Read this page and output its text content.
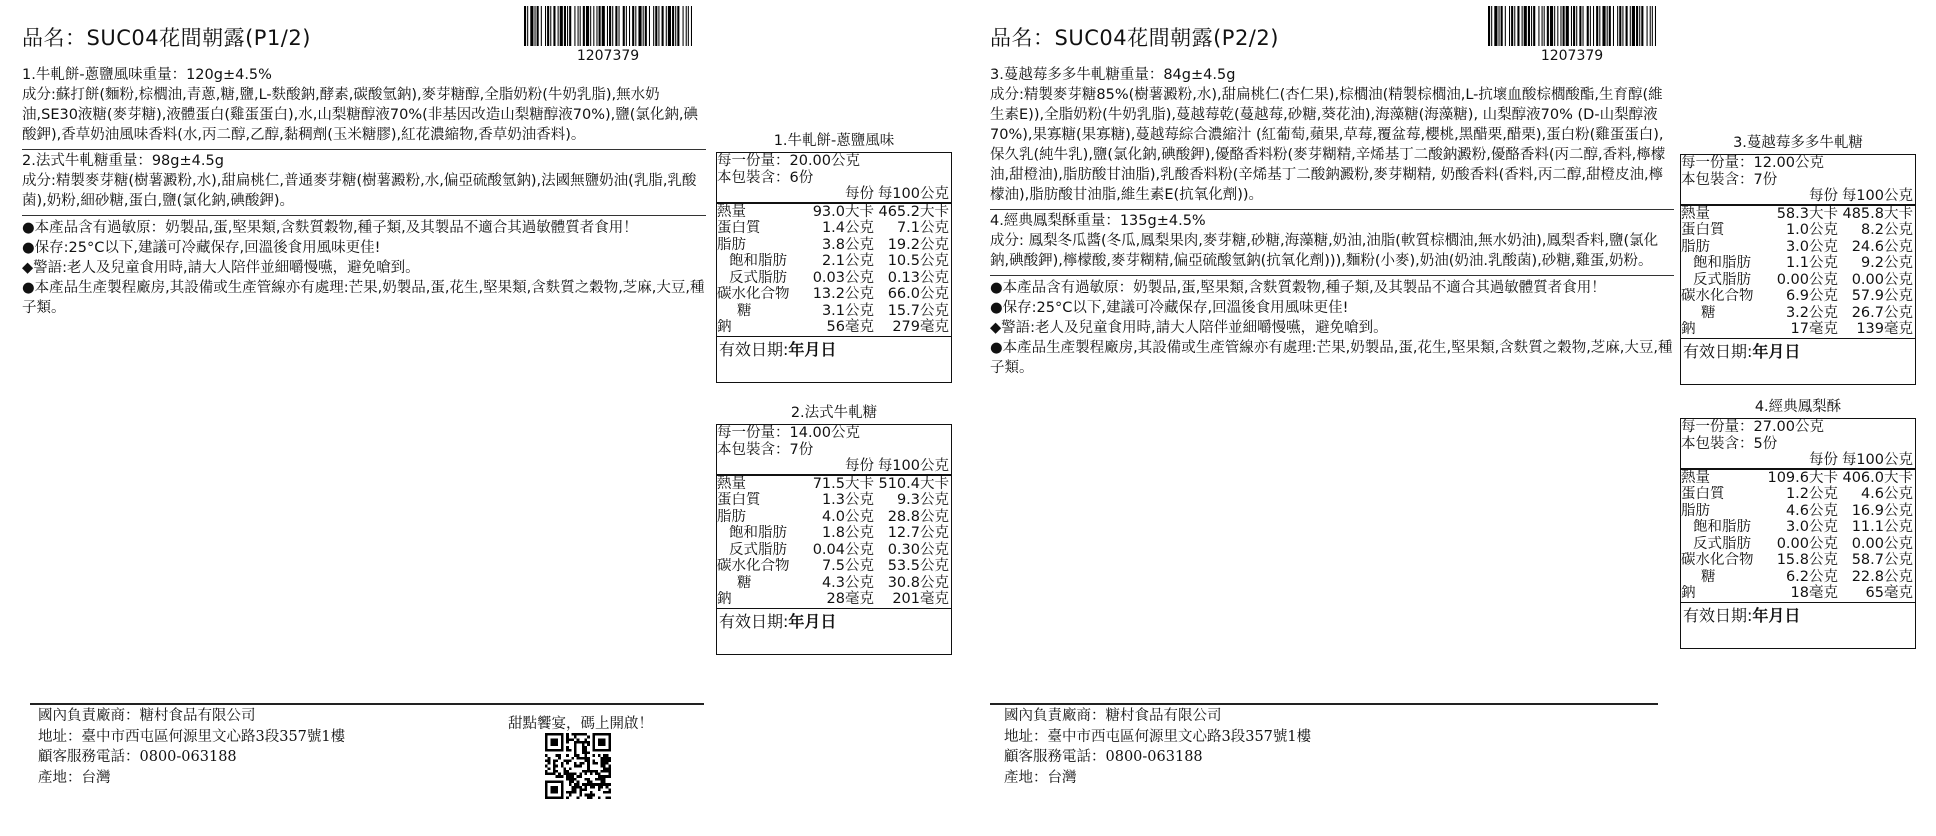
品名：SUC04花間朝露(P1/2)
1207379
1.牛軋餅-蔥鹽風味重量：120g±4.5%
成分:蘇打餅(麵粉,棕櫚油,青蔥,糖,鹽,L-麩酸鈉,酵素,碳酸氫鈉),麥芽糖醇,全脂奶粉(牛奶乳脂),無水奶油,SE30液糖(麥芽糖),液體蛋白(雞蛋蛋白),水,山梨糖醇液70%(非基因改造山梨糖醇液70%),鹽(氯化鈉,碘酸鉀),香草奶油風味香料(水,丙二醇,乙醇,黏稠劑(玉米糖膠),紅花濃縮物,香草奶油香料)。
2.法式牛軋糖重量：98g±4.5g
成分:精製麥芽糖(樹薯澱粉,水),甜扁桃仁,普通麥芽糖(樹薯澱粉,水,偏亞硫酸氫鈉),法國無鹽奶油(乳脂,乳酸菌),奶粉,細砂糖,蛋白,鹽(氯化鈉,碘酸鉀)。
●本產品含有過敏原：奶製品,蛋,堅果類,含麩質穀物,種子類,及其製品不適合其過敏體質者食用！
●保存:25°C以下,建議可冷藏保存,回溫後食用風味更佳!
◆警語:老人及兒童食用時,請大人陪伴並細嚼慢嚥，避免嗆到。
●本產品生產製程廠房,其設備或生產管線亦有處理:芒果,奶製品,蛋,花生,堅果類,含麩質之穀物,芝麻,大豆,種子類。
1.牛軋餅-蔥鹽風味
每一份量：20.00公克
本包裝含：6份
每份 每100公克
熱量	93.0大卡 465.2大卡
蛋白質	1.4公克	7.1公克
脂肪	3.8公克 19.2公克
飽和脂肪	2.1公克 10.5公克
反式脂肪	0.03公克 0.13公克
碳水化合物	13.2公克 66.0公克
糖	3.1公克 15.7公克
鈉	56毫克	279毫克
有效日期:年月日
2.法式牛軋糖
每一份量：14.00公克
本包裝含：7份
每份 每100公克
熱量	71.5大卡 510.4大卡
蛋白質	1.3公克	9.3公克
脂肪	4.0公克 28.8公克
飽和脂肪	1.8公克 12.7公克
反式脂肪	0.04公克 0.30公克
碳水化合物	7.5公克 53.5公克
糖	4.3公克 30.8公克
鈉	28毫克	201毫克
有效日期:年月日
國內負責廠商：糖村食品有限公司
地址：臺中市西屯區何源里文心路3段357號1樓
顧客服務電話：0800-063188
產地：台灣
甜點饗宴，碼上開啟！
品名：SUC04花間朝露(P2/2)
1207379
3.蔓越莓多多牛軋糖重量：84g±4.5g
成分:精製麥芽糖85%(樹薯澱粉,水),甜扁桃仁(杏仁果),棕櫚油(精製棕櫚油,L-抗壞血酸棕櫚酸酯,生育醇(維生素E)),全脂奶粉(牛奶乳脂),蔓越莓乾(蔓越莓,砂糖,葵花油),海藻糖(海藻糖), 山梨醇液70% (D-山梨醇液70%),果寡糖(果寡糖),蔓越莓綜合濃縮汁 (紅葡萄,蘋果,草莓,覆盆莓,櫻桃,黑醋栗,醋栗),蛋白粉(雞蛋蛋白),保久乳(純牛乳),鹽(氯化鈉,碘酸鉀),優酪香料粉(麥芽糊精,辛烯基丁二酸鈉澱粉,優酪香料(丙二醇,香料,檸檬油,甜橙油),脂肪酸甘油脂),乳酸香料粉(辛烯基丁二酸鈉澱粉,麥芽糊精, 奶酸香料(香料,丙二醇,甜橙皮油,檸檬油),脂肪酸甘油脂,維生素E(抗氧化劑))。
4.經典鳳梨酥重量：135g±4.5%
成分: 鳳梨冬瓜醬(冬瓜,鳳梨果肉,麥芽糖,砂糖,海藻糖,奶油,油脂(軟質棕櫚油,無水奶油),鳳梨香料,鹽(氯化鈉,碘酸鉀),檸檬酸,麥芽糊精,偏亞硫酸氫鈉(抗氧化劑))),麵粉(小麥),奶油(奶油.乳酸菌),砂糖,雞蛋,奶粉。
●本產品含有過敏原：奶製品,蛋,堅果類,含麩質穀物,種子類,及其製品不適合其過敏體質者食用！
●保存:25°C以下,建議可冷藏保存,回溫後食用風味更佳!
◆警語:老人及兒童食用時,請大人陪伴並細嚼慢嚥，避免嗆到。
●本產品生產製程廠房,其設備或生產管線亦有處理:芒果,奶製品,蛋,花生,堅果類,含麩質之穀物,芝麻,大豆,種子類。
3.蔓越莓多多牛軋糖
每一份量：12.00公克
本包裝含：7份
每份 每100公克
熱量	58.3大卡 485.8大卡
蛋白質	1.0公克	8.2公克
脂肪	3.0公克 24.6公克
飽和脂肪	1.1公克	9.2公克
反式脂肪	0.00公克 0.00公克
碳水化合物	6.9公克 57.9公克
糖	3.2公克 26.7公克
鈉	17毫克	139毫克
有效日期:年月日
4.經典鳳梨酥
每一份量：27.00公克
本包裝含：5份
每份 每100公克
熱量	109.6大卡 406.0大卡
蛋白質	1.2公克	4.6公克
脂肪	4.6公克 16.9公克
飽和脂肪	3.0公克 11.1公克
反式脂肪	0.00公克 0.00公克
碳水化合物	15.8公克 58.7公克
糖	6.2公克 22.8公克
鈉	18毫克	65毫克
有效日期:年月日
國內負責廠商：糖村食品有限公司
地址：臺中市西屯區何源里文心路3段357號1樓
顧客服務電話：0800-063188
產地：台灣
